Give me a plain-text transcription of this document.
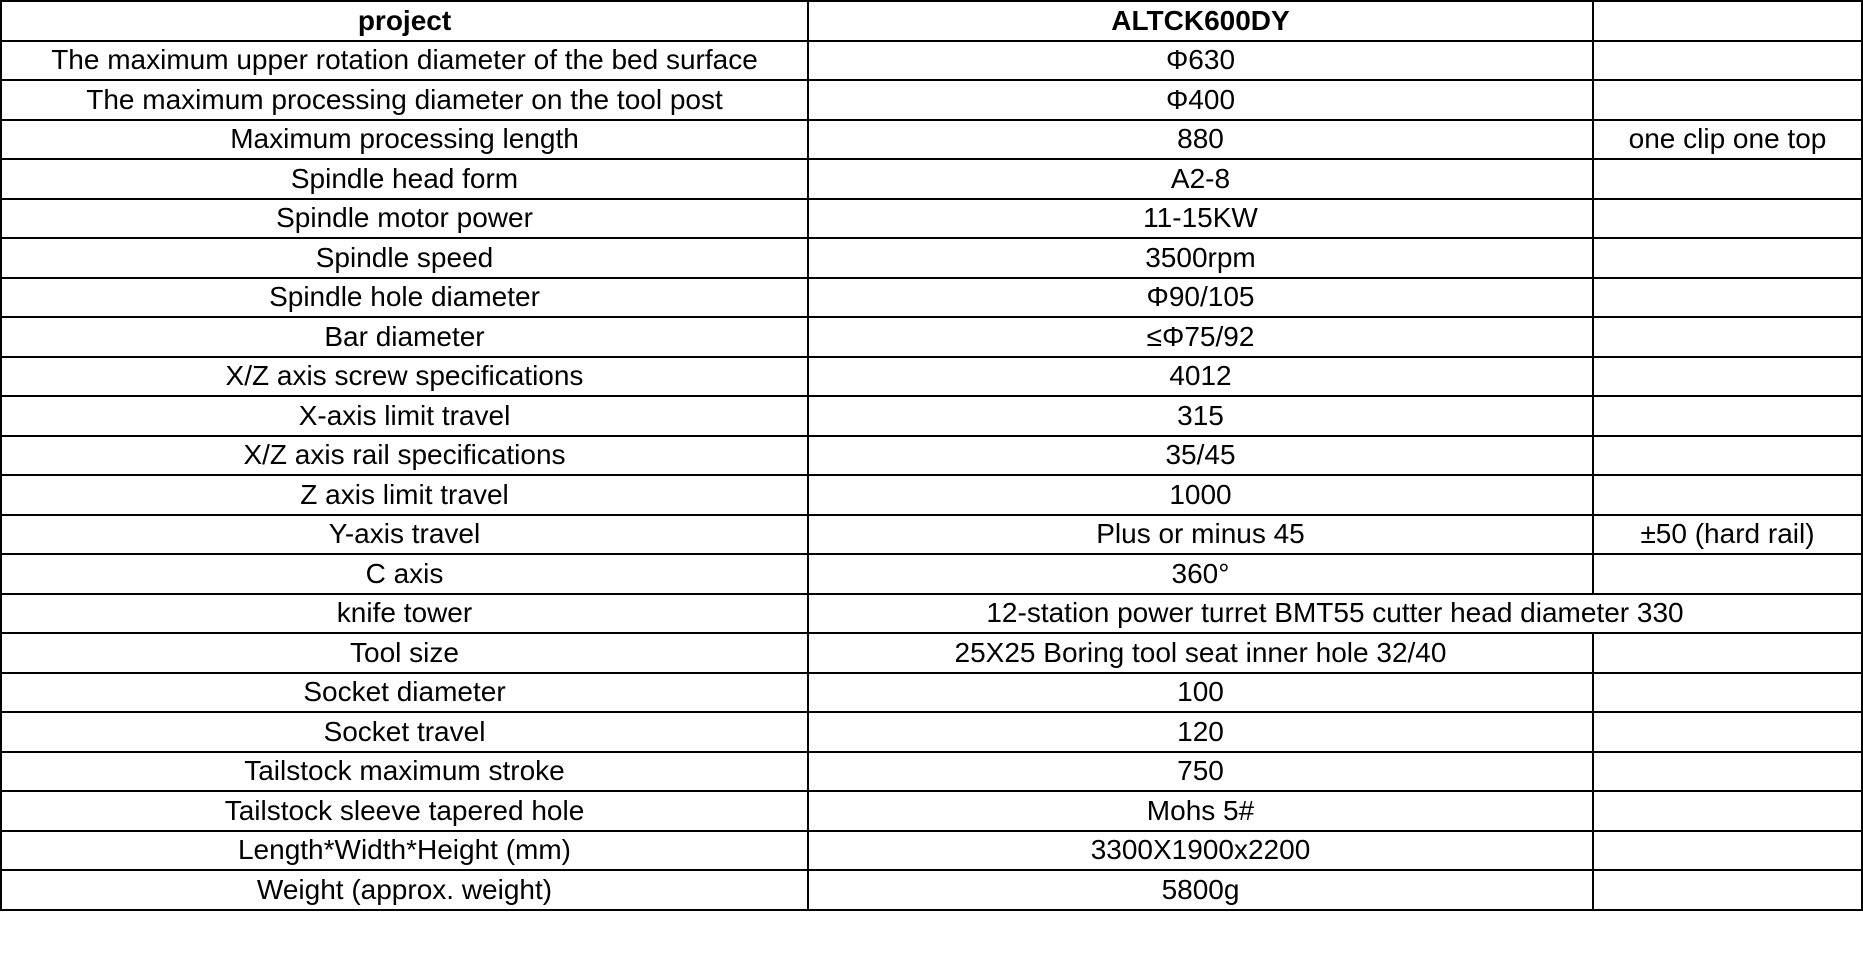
project	ALTCK600DY	
The maximum upper rotation diameter of the bed surface	Φ630	
The maximum processing diameter on the tool post	Φ400	
Maximum processing length	880	one clip one top
Spindle head form	A2-8	
Spindle motor power	11-15KW	
Spindle speed	3500rpm	
Spindle hole diameter	Φ90/105	
Bar diameter	≤Φ75/92	
X/Z axis screw specifications	4012	
X-axis limit travel	315	
X/Z axis rail specifications	35/45	
Z axis limit travel	1000	
Y-axis travel	Plus or minus 45	±50 (hard rail)
C axis	360°	
knife tower	12-station power turret BMT55 cutter head diameter 330	
Tool size	25X25 Boring tool seat inner hole 32/40	
Socket diameter	100	
Socket travel	120	
Tailstock maximum stroke	750	
Tailstock sleeve tapered hole	Mohs 5#	
Length*Width*Height (mm)	3300X1900x2200	
Weight (approx. weight)	5800g	
